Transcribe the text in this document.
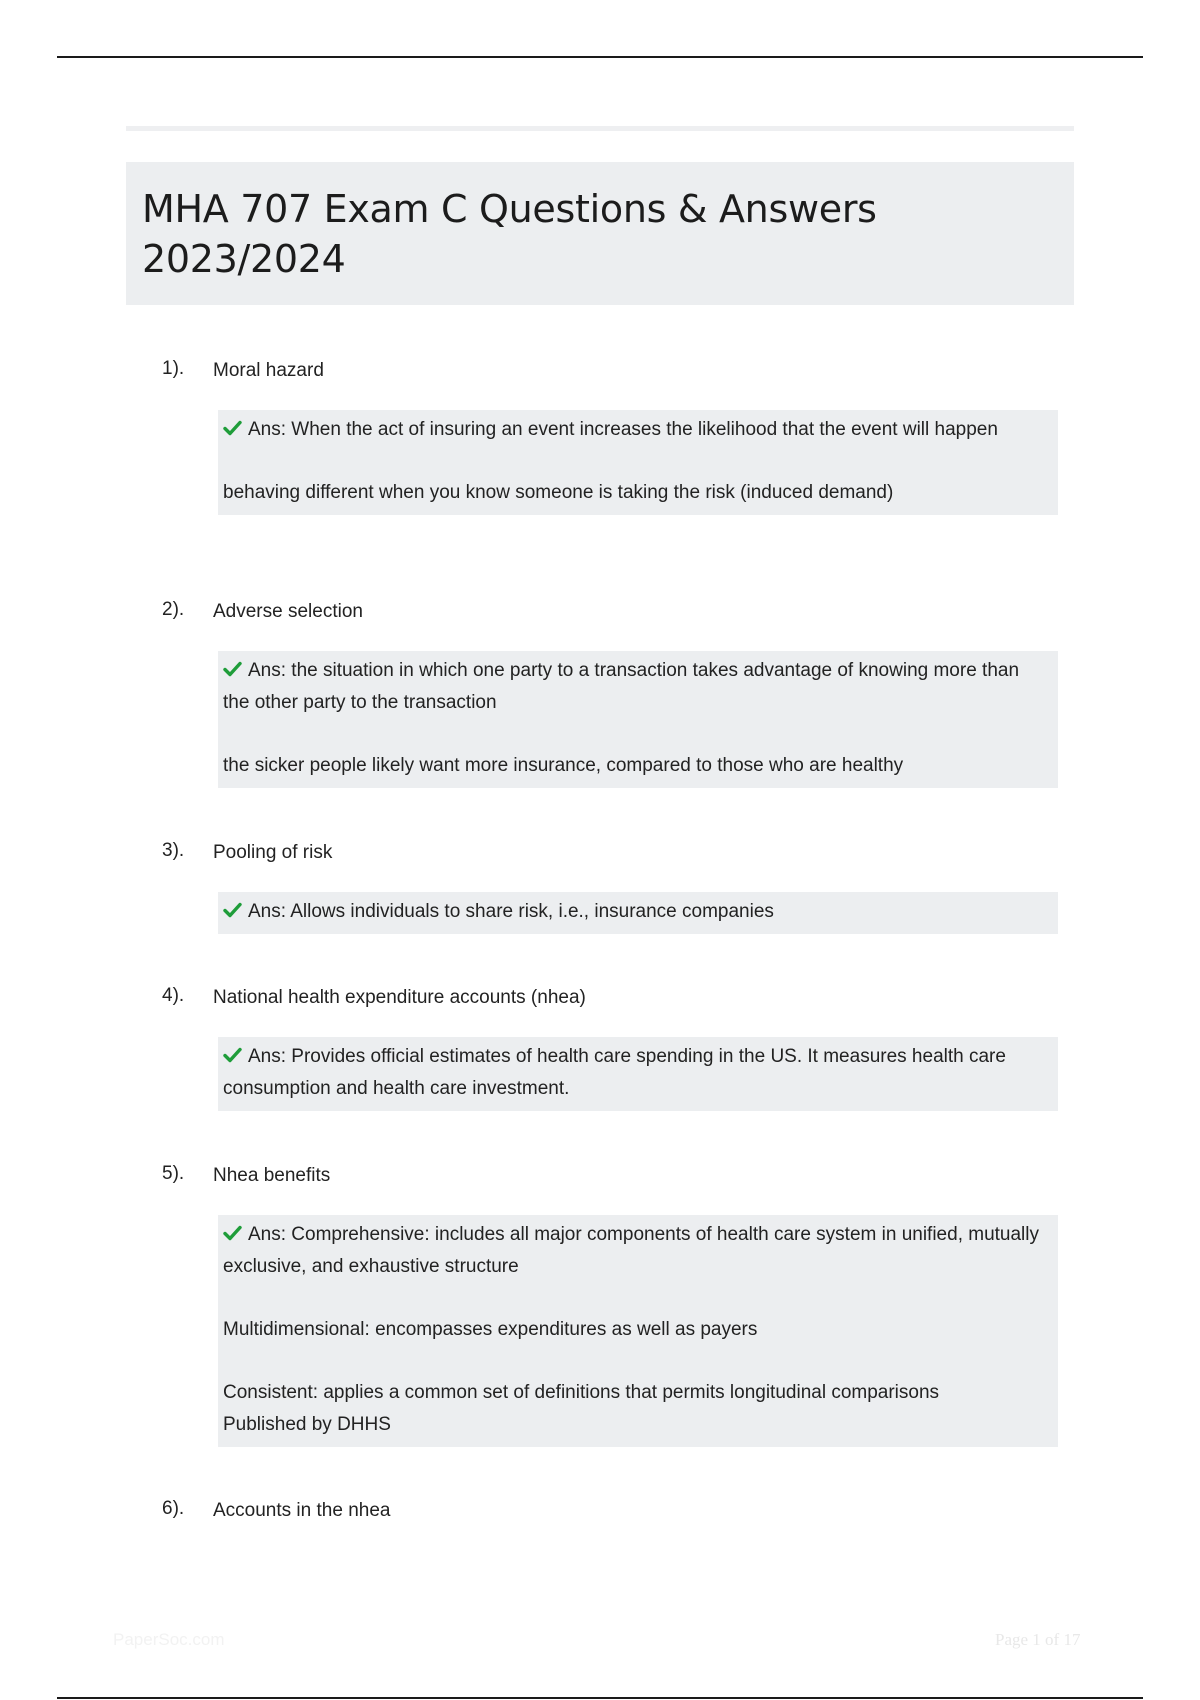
MHA 707 Exam C Questions & Answers
2023/2024
1). Moral hazard

Ans: When the act of insuring an event increases the likelihood that the event will happen

behaving different when you know someone is taking the risk (induced demand)

2). Adverse selection

Ans: the situation in which one party to a transaction takes advantage of knowing more than the other party to the transaction

the sicker people likely want more insurance, compared to those who are healthy

3). Pooling of risk

Ans: Allows individuals to share risk, i.e., insurance companies

4). National health expenditure accounts (nhea)

Ans: Provides official estimates of health care spending in the US. It measures health care consumption and health care investment.

5). Nhea benefits

Ans: Comprehensive: includes all major components of health care system in unified, mutually exclusive, and exhaustive structure

Multidimensional: encompasses expenditures as well as payers

Consistent: applies a common set of definitions that permits longitudinal comparisons

Published by DHHS

6). Accounts in the nhea
PaperSoc.com	Page 1 of 17
